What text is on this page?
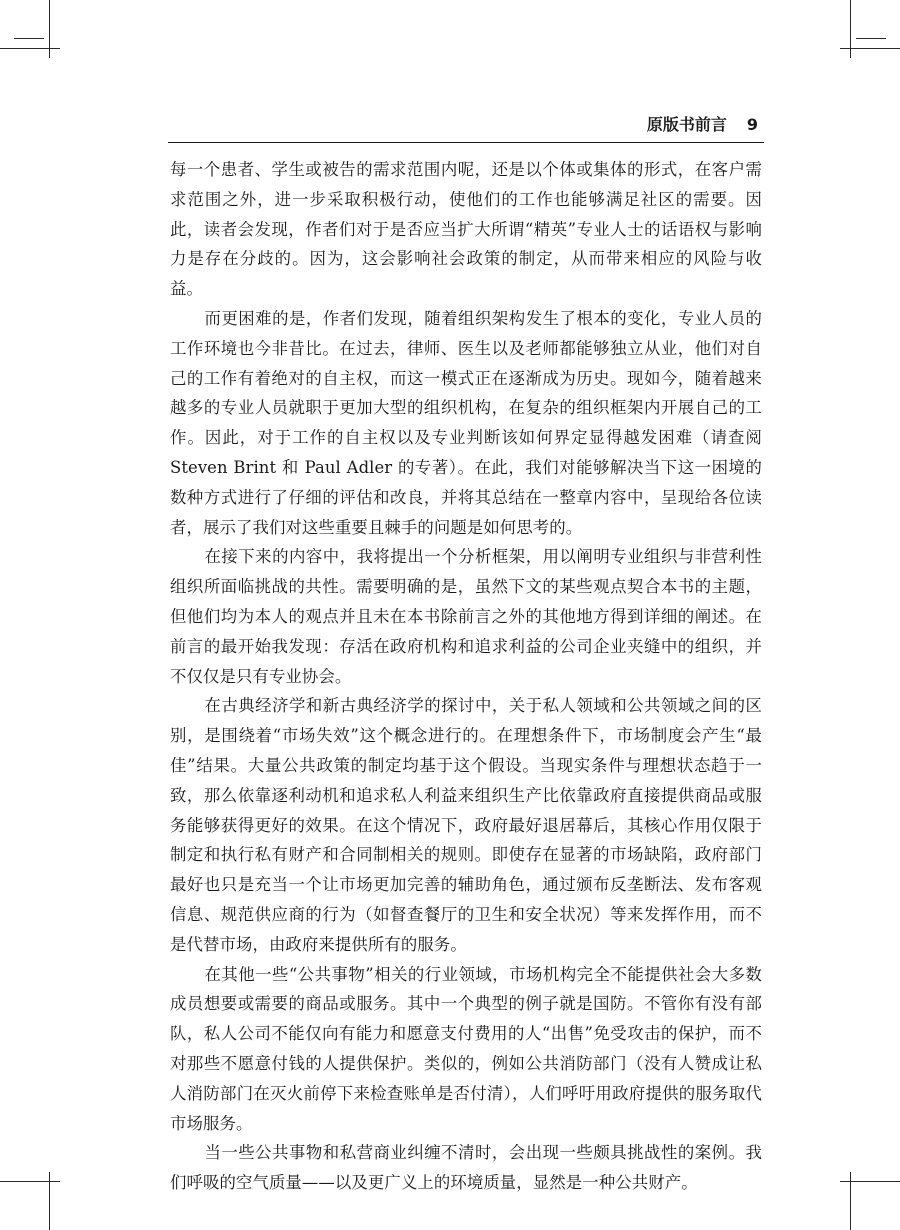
原版书前言 9

每一个患者、学生或被告的需求范围内呢，还是以个体或集体的形式，在客户需求范围之外，进一步采取积极行动，使他们的工作也能够满足社区的需要。因此，读者会发现，作者们对于是否应当扩大所谓“精英”专业人士的话语权与影响力是存在分歧的。因为，这会影响社会政策的制定，从而带来相应的风险与收益。

而更困难的是，作者们发现，随着组织架构发生了根本的变化，专业人员的工作环境也今非昔比。在过去，律师、医生以及老师都能够独立从业，他们对自己的工作有着绝对的自主权，而这一模式正在逐渐成为历史。现如今，随着越来越多的专业人员就职于更加大型的组织机构，在复杂的组织框架内开展自己的工作。因此，对于工作的自主权以及专业判断该如何界定显得越发困难（请查阅 Steven Brint 和 Paul Adler 的专著）。在此，我们对能够解决当下这一困境的数种方式进行了仔细的评估和改良，并将其总结在一整章内容中，呈现给各位读者，展示了我们对这些重要且棘手的问题是如何思考的。

在接下来的内容中，我将提出一个分析框架，用以阐明专业组织与非营利性组织所面临挑战的共性。需要明确的是，虽然下文的某些观点契合本书的主题，但他们均为本人的观点并且未在本书除前言之外的其他地方得到详细的阐述。在前言的最开始我发现：存活在政府机构和追求利益的公司企业夹缝中的组织，并不仅仅是只有专业协会。

在古典经济学和新古典经济学的探讨中，关于私人领域和公共领域之间的区别，是围绕着“市场失效”这个概念进行的。在理想条件下，市场制度会产生“最佳”结果。大量公共政策的制定均基于这个假设。当现实条件与理想状态趋于一致，那么依靠逐利动机和追求私人利益来组织生产比依靠政府直接提供商品或服务能够获得更好的效果。在这个情况下，政府最好退居幕后，其核心作用仅限于制定和执行私有财产和合同制相关的规则。即使存在显著的市场缺陷，政府部门最好也只是充当一个让市场更加完善的辅助角色，通过颁布反垄断法、发布客观信息、规范供应商的行为（如督查餐厅的卫生和安全状况）等来发挥作用，而不是代替市场，由政府来提供所有的服务。

在其他一些“公共事物”相关的行业领域，市场机构完全不能提供社会大多数成员想要或需要的商品或服务。其中一个典型的例子就是国防。不管你有没有部队，私人公司不能仅向有能力和愿意支付费用的人“出售”免受攻击的保护，而不对那些不愿意付钱的人提供保护。类似的，例如公共消防部门（没有人赞成让私人消防部门在灭火前停下来检查账单是否付清），人们呼吁用政府提供的服务取代市场服务。

当一些公共事物和私营商业纠缠不清时，会出现一些颇具挑战性的案例。我们呼吸的空气质量——以及更广义上的环境质量，显然是一种公共财产。
